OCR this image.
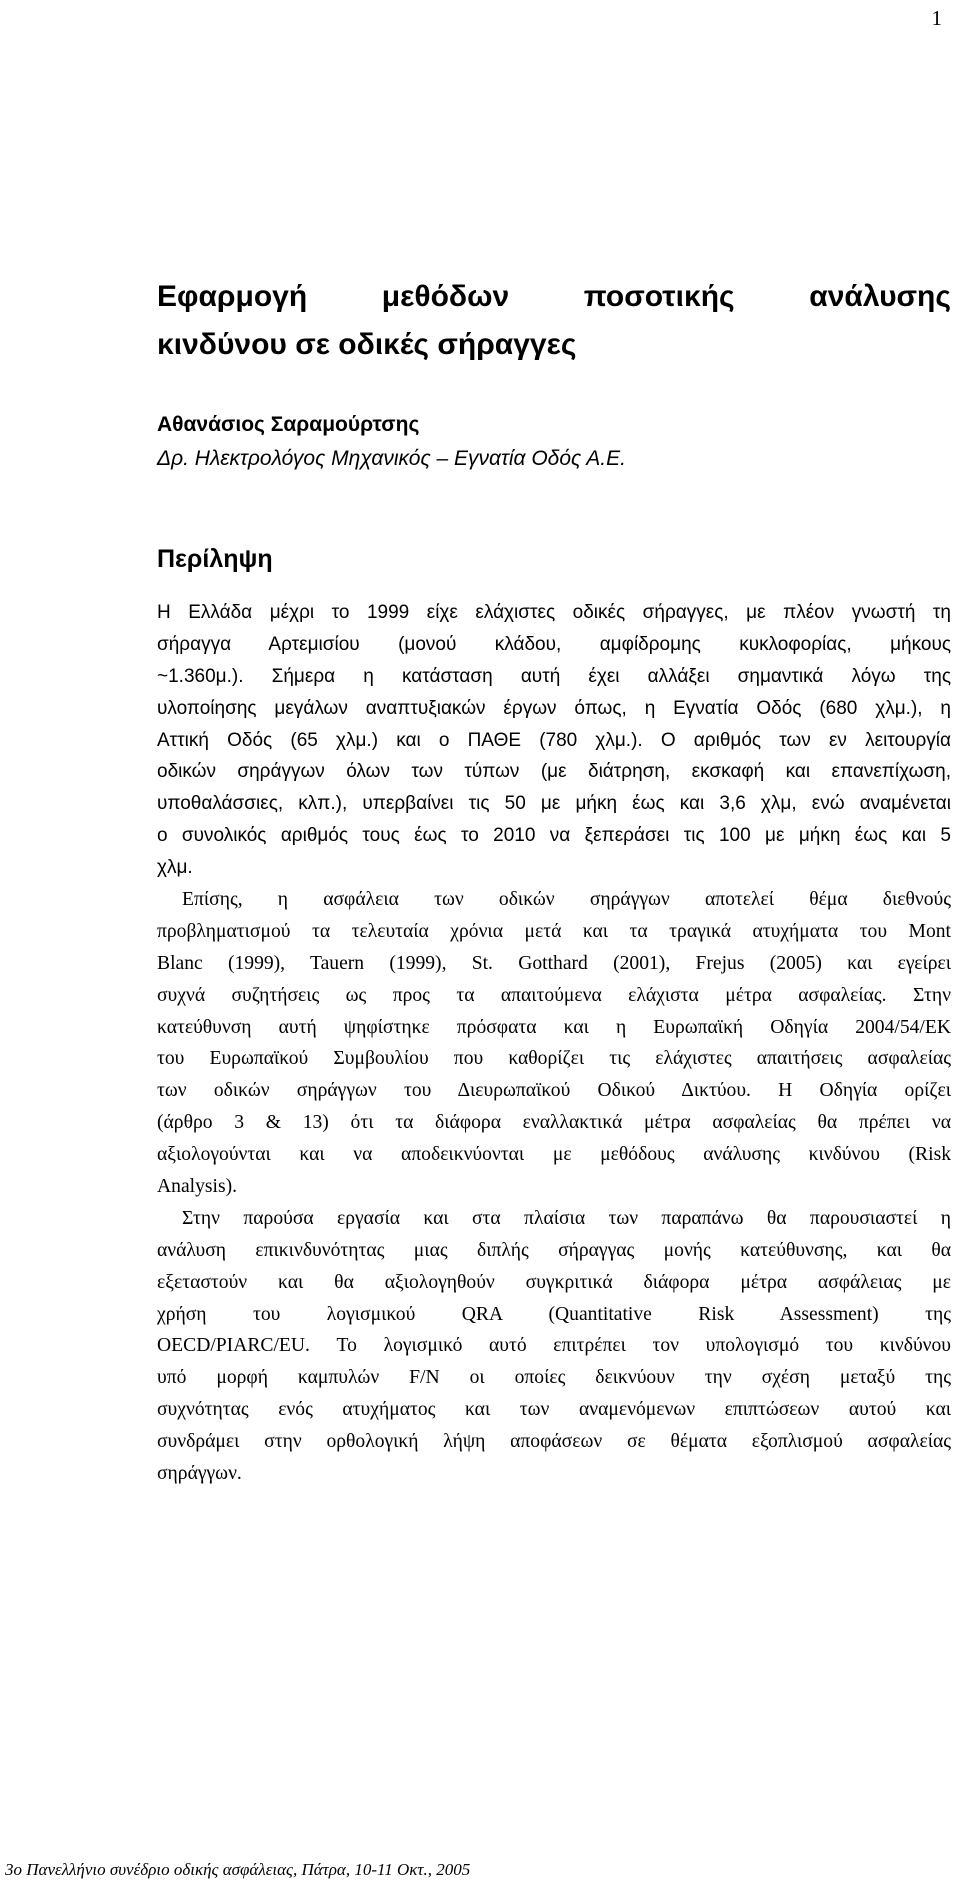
1
Εφαρμογή μεθόδων ποσοτικής ανάλυσης
κινδύνου σε οδικές σήραγγες
Αθανάσιος Σαραμούρτσης
Δρ. Ηλεκτρολόγος Μηχανικός – Εγνατία Οδός Α.Ε.
Περίληψη
Η Ελλάδα μέχρι το 1999 είχε ελάχιστες οδικές σήραγγες, με πλέον γνωστή τη
σήραγγα Αρτεμισίου (μονού κλάδου, αμφίδρομης κυκλοφορίας, μήκους
~1.360μ.). Σήμερα η κατάσταση αυτή έχει αλλάξει σημαντικά λόγω της
υλοποίησης μεγάλων αναπτυξιακών έργων όπως, η Εγνατία Οδός (680 χλμ.), η
Αττική Οδός (65 χλμ.) και ο ΠΑΘΕ (780 χλμ.). Ο αριθμός των εν λειτουργία
οδικών σηράγγων όλων των τύπων (με διάτρηση, εκσκαφή και επανεπίχωση,
υποθαλάσσιες, κλπ.), υπερβαίνει τις 50 με μήκη έως και 3,6 χλμ, ενώ αναμένεται
ο συνολικός αριθμός τους έως το 2010 να ξεπεράσει τις 100 με μήκη έως και 5
χλμ.
Επίσης, η ασφάλεια των οδικών σηράγγων αποτελεί θέμα διεθνούς
προβληματισμού τα τελευταία χρόνια μετά και τα τραγικά ατυχήματα του Mont
Blanc (1999), Tauern (1999), St. Gotthard (2001), Frejus (2005) και εγείρει
συχνά συζητήσεις ως προς τα απαιτούμενα ελάχιστα μέτρα ασφαλείας. Στην
κατεύθυνση αυτή ψηφίστηκε πρόσφατα και η Ευρωπαϊκή Οδηγία 2004/54/ΕΚ
του Ευρωπαϊκού Συμβουλίου που καθορίζει τις ελάχιστες απαιτήσεις ασφαλείας
των οδικών σηράγγων του Διευρωπαϊκού Οδικού Δικτύου. Η Οδηγία ορίζει
(άρθρο 3 & 13) ότι τα διάφορα εναλλακτικά μέτρα ασφαλείας θα πρέπει να
αξιολογούνται και να αποδεικνύονται με μεθόδους ανάλυσης κινδύνου (Risk
Analysis).
Στην παρούσα εργασία και στα πλαίσια των παραπάνω θα παρουσιαστεί η
ανάλυση επικινδυνότητας μιας διπλής σήραγγας μονής κατεύθυνσης, και θα
εξεταστούν και θα αξιολογηθούν συγκριτικά διάφορα μέτρα ασφάλειας με
χρήση του λογισμικού QRA (Quantitative Risk Assessment) της
OECD/PIARC/EU. Το λογισμικό αυτό επιτρέπει τον υπολογισμό του κινδύνου
υπό μορφή καμπυλών F/N οι οποίες δεικνύουν την σχέση μεταξύ της
συχνότητας ενός ατυχήματος και των αναμενόμενων επιπτώσεων αυτού και
συνδράμει στην ορθολογική λήψη αποφάσεων σε θέματα εξοπλισμού ασφαλείας
σηράγγων.
3ο Πανελλήνιο συνέδριο οδικής ασφάλειας, Πάτρα, 10-11 Οκτ., 2005
